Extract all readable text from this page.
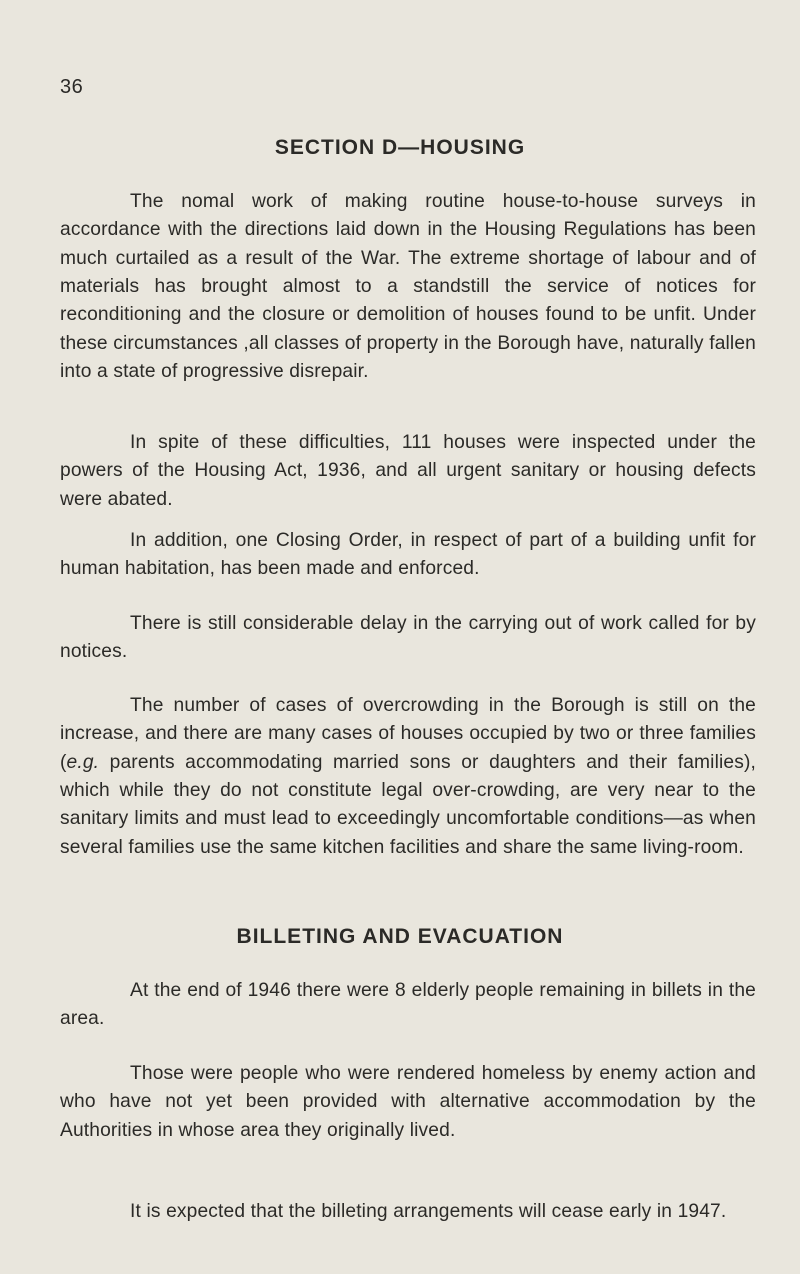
36
SECTION D—HOUSING

The nomal work of making routine house-to-house surveys in accordance with the directions laid down in the Housing Regulations has been much curtailed as a result of the War. The extreme shortage of labour and of materials has brought almost to a standstill the service of notices for reconditioning and the closure or demolition of houses found to be unfit. Under these circumstances ,all classes of property in the Borough have, naturally fallen into a state of progressive disrepair.

In spite of these difficulties, 111 houses were inspected under the powers of the Housing Act, 1936, and all urgent sanitary or housing defects were abated.

In addition, one Closing Order, in respect of part of a building unfit for human habitation, has been made and enforced.

There is still considerable delay in the carrying out of work called for by notices.

The number of cases of overcrowding in the Borough is still on the increase, and there are many cases of houses occupied by two or three families (e.g. parents accommodating married sons or daughters and their families), which while they do not constitute legal over-crowding, are very near to the sanitary limits and must lead to exceedingly uncomfortable conditions—as when several families use the same kitchen facilities and share the same living-room.

BILLETING AND EVACUATION

At the end of 1946 there were 8 elderly people remaining in billets in the area.

Those were people who were rendered homeless by enemy action and who have not yet been provided with alternative accommodation by the Authorities in whose area they originally lived.

It is expected that the billeting arrangements will cease early in 1947.
